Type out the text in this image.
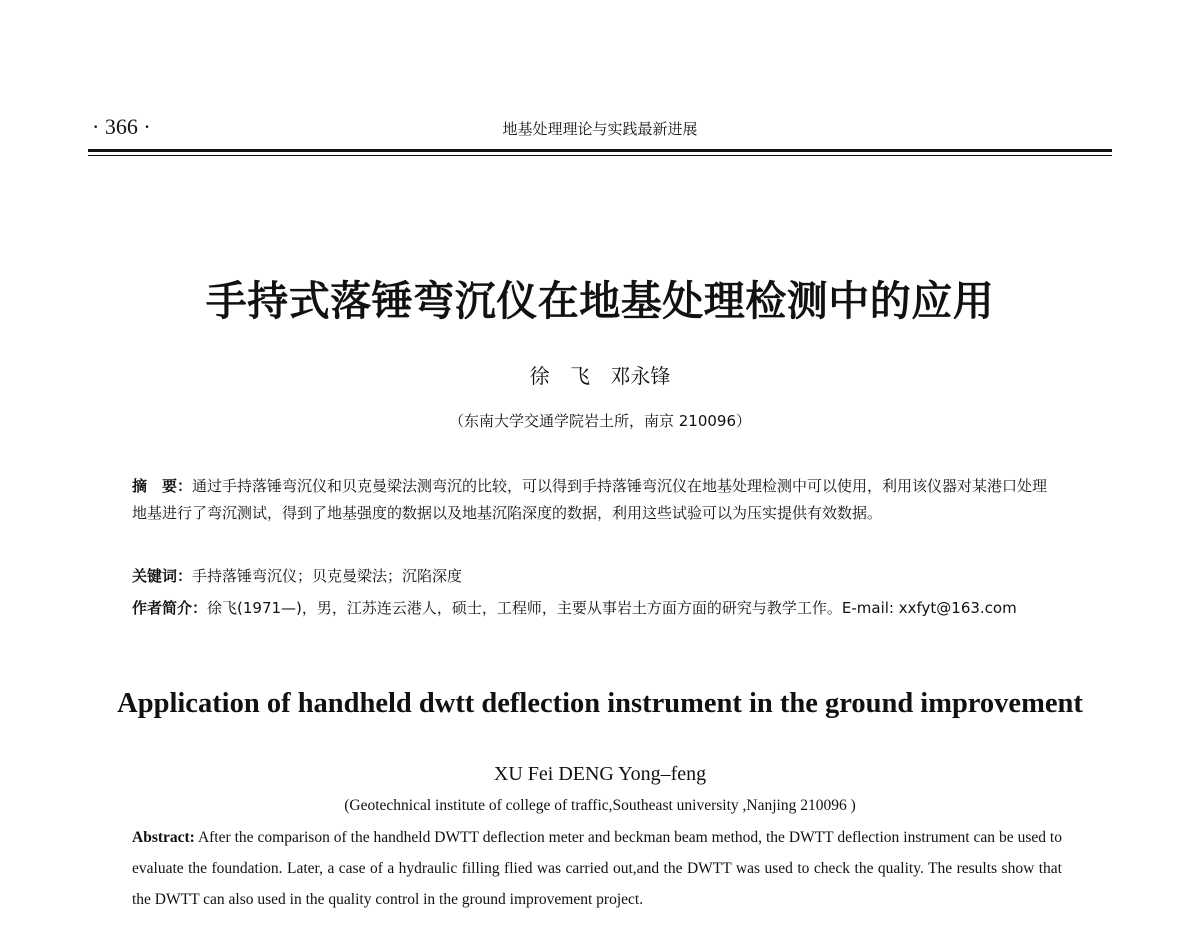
· 366 ·	地基处理理论与实践最新进展
手持式落锤弯沉仪在地基处理检测中的应用
徐 飞 邓永锋
（东南大学交通学院岩土所，南京 210096）
摘　要：通过手持落锤弯沉仪和贝克曼梁法测弯沉的比较，可以得到手持落锤弯沉仪在地基处理检测中可以使用，利用该仪器对某港口处理地基进行了弯沉测试，得到了地基强度的数据以及地基沉陷深度的数据，利用这些试验可以为压实提供有效数据。
关键词：手持落锤弯沉仪；贝克曼梁法；沉陷深度
作者简介：徐飞(1971—)，男，江苏连云港人，硕士，工程师，主要从事岩土方面方面的研究与教学工作。E-mail: xxfyt@163.com
Application of handheld dwtt deflection instrument in the ground improvement
XU Fei DENG Yong–feng
(Geotechnical institute of college of traffic,Southeast university ,Nanjing 210096 )
Abstract: After the comparison of the handheld DWTT deflection meter and beckman beam method, the DWTT deflection instrument can be used to evaluate the foundation. Later, a case of a hydraulic filling flied was carried out,and the DWTT was used to check the quality. The results show that the DWTT can also used in the quality control in the ground improvement project.
